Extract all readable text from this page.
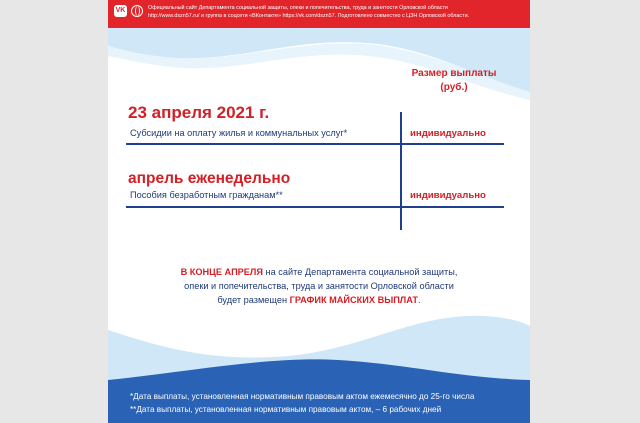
VK	Официальный сайт Департамента социальной защиты, опеки и попечительства, труда и занятости Орловской области
http://www.dszn57.ru/ и группа в соцсети «ВКонтакте» https://vk.com/dszn57. Подготовлено совместно с ЦЗН Орловской области.
Размер выплаты
(руб.)
23 апреля 2021 г.
Субсидии на оплату жилья и коммунальных услуг*	индивидуально
апрель еженедельно
Пособия безработным гражданам**	индивидуально
В КОНЦЕ АПРЕЛЯ на сайте Департамента социальной защиты,
опеки и попечительства, труда и занятости Орловской области
будет размещен ГРАФИК МАЙСКИХ ВЫПЛАТ.
*Дата выплаты, установленная нормативным правовым актом ежемесячно до 25-го числа
**Дата выплаты, установленная нормативным правовым актом, – 6 рабочих дней
